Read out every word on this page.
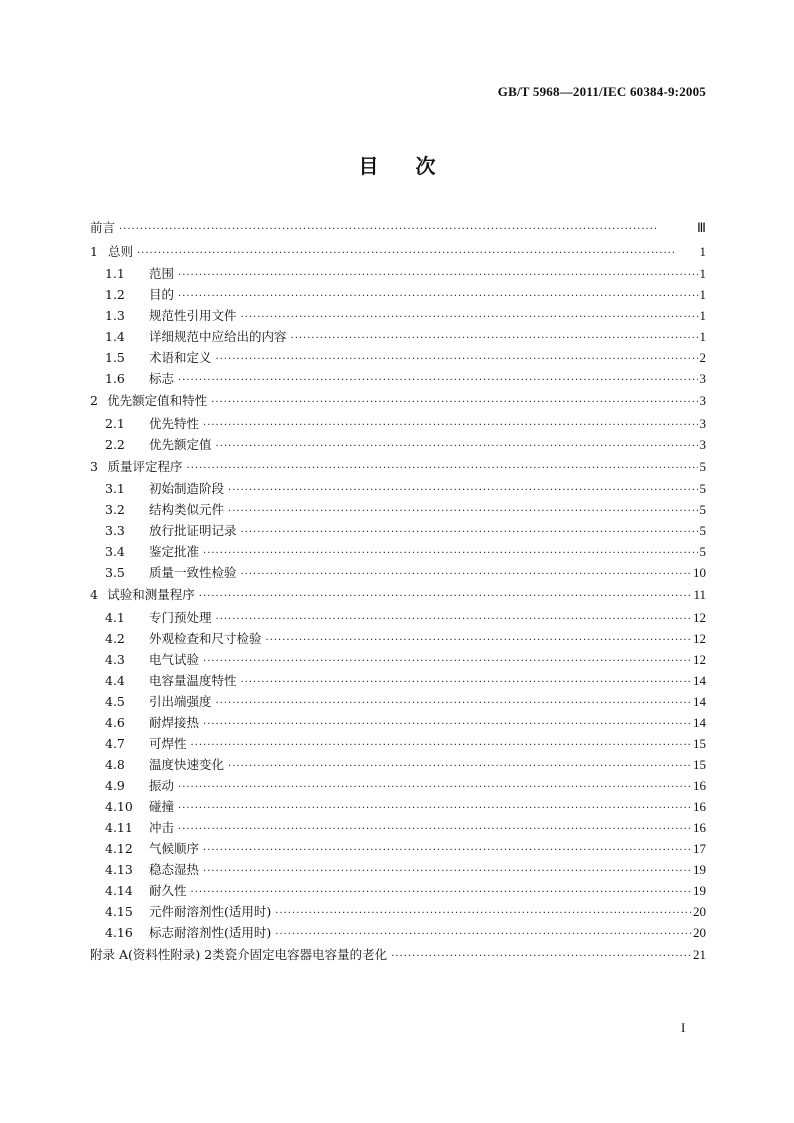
GB/T 5968—2011/IEC 60384-9:2005
目 次
前言 ·····	Ⅲ
1 总则 ·····	1
1.1	范围 ·····	1
1.2	目的 ·····	1
1.3	规范性引用文件 ·····	1
1.4	详细规范中应给出的内容 ·····	1
1.5	术语和定义 ·····	2
1.6	标志 ·····	3
2 优先额定值和特性 ·····	3
2.1	优先特性 ·····	3
2.2	优先额定值 ·····	3
3 质量评定程序 ·····	5
3.1	初始制造阶段 ·····	5
3.2	结构类似元件 ·····	5
3.3	放行批证明记录 ·····	5
3.4	鉴定批准 ·····	5
3.5	质量一致性检验 ·····	10
4 试验和测量程序 ·····	11
4.1	专门预处理 ·····	12
4.2	外观检查和尺寸检验 ·····	12
4.3	电气试验 ·····	12
4.4	电容量温度特性 ·····	14
4.5	引出端强度 ·····	14
4.6	耐焊接热 ·····	14
4.7	可焊性 ·····	15
4.8	温度快速变化 ·····	15
4.9	振动 ·····	16
4.10	碰撞 ·····	16
4.11	冲击 ·····	16
4.12	气候顺序 ·····	17
4.13	稳态湿热 ·····	19
4.14	耐久性 ·····	19
4.15	元件耐溶剂性(适用时) ·····	20
4.16	标志耐溶剂性(适用时) ·····	20
附录 A(资料性附录) 2类瓷介固定电容器电容量的老化 ·····	21
I
